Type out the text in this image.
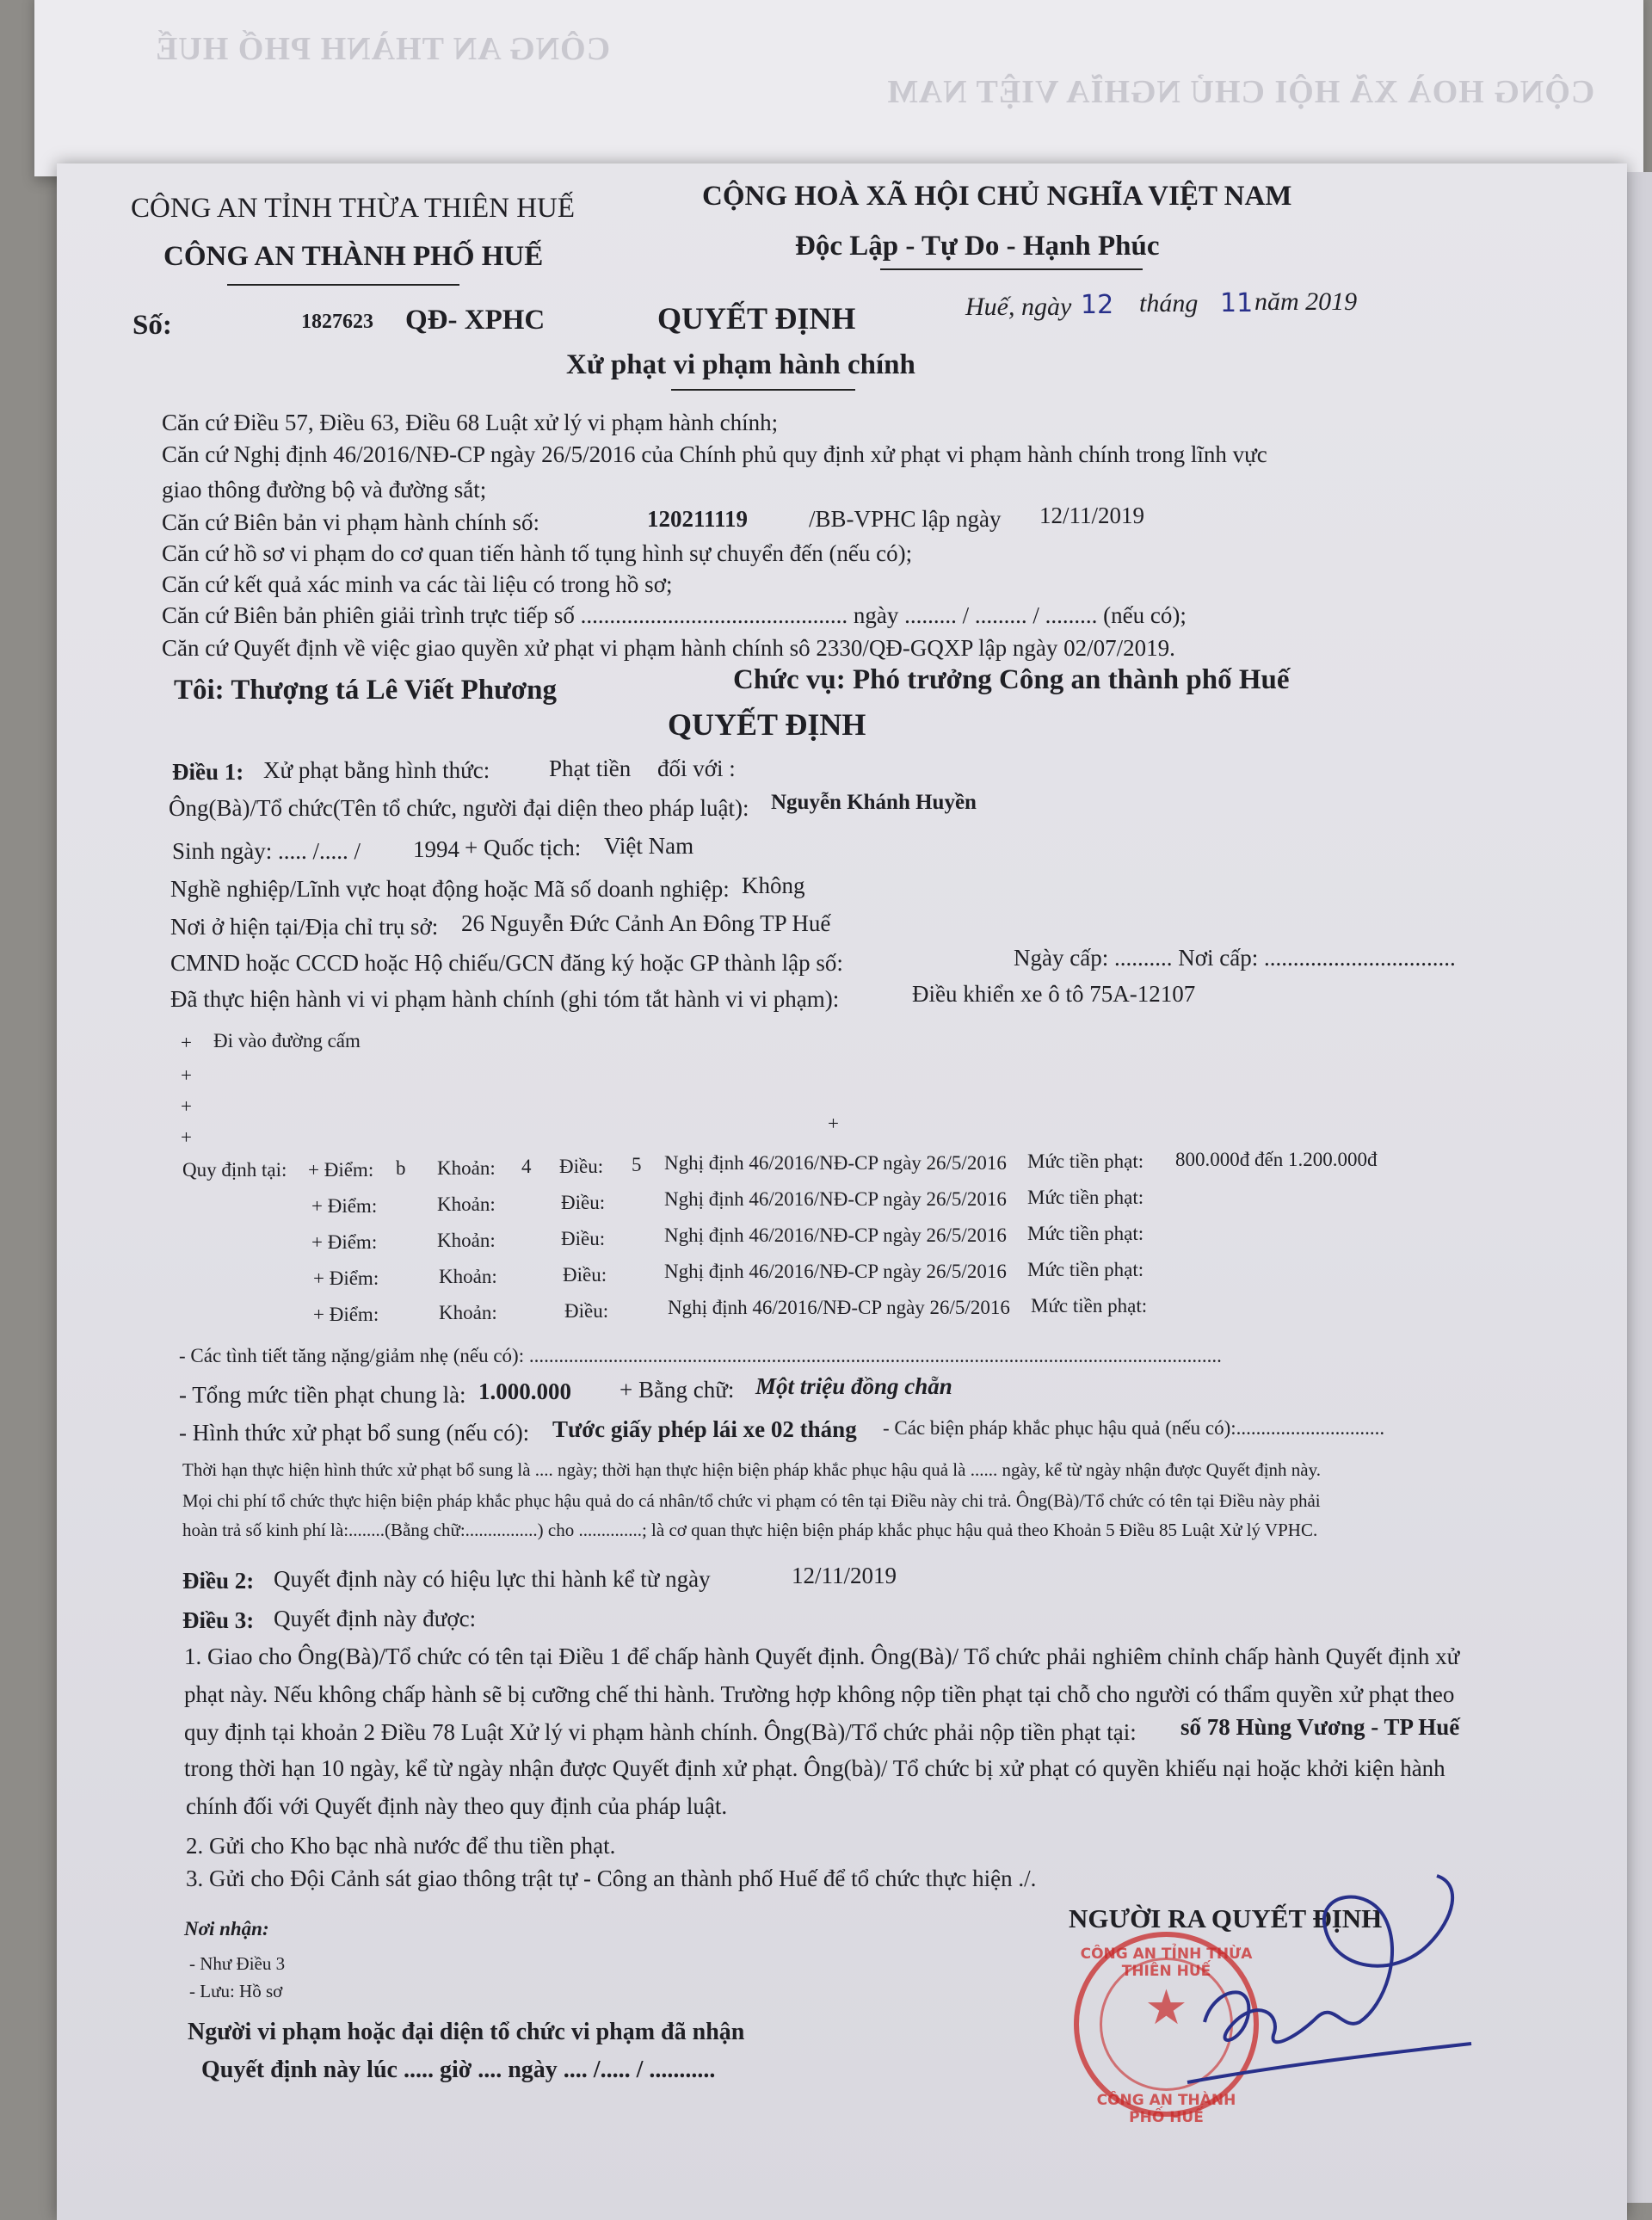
CÔNG AN THÀNH PHỐ HUẾ
CỘNG HOÀ XÃ HỘI CHỦ NGHĨA VIỆT NAM
CÔNG AN TỈNH THỪA THIÊN HUẾ
CÔNG AN THÀNH PHỐ HUẾ
CỘNG HOÀ XÃ HỘI CHỦ NGHĨA VIỆT NAM
Độc Lập - Tự Do - Hạnh Phúc
Số:	1827623 QĐ- XPHC	QUYẾT ĐỊNH	Huế, ngày 12 tháng 11 năm 2019
Xử phạt vi phạm hành chính
Căn cứ Điều 57, Điều 63, Điều 68 Luật xử lý vi phạm hành chính;
Căn cứ Nghị định 46/2016/NĐ-CP ngày 26/5/2016 của Chính phủ quy định xử phạt vi phạm hành chính trong lĩnh vực
giao thông đường bộ và đường sắt;
Căn cứ Biên bản vi phạm hành chính số:	120211119	/BB-VPHC lập ngày 12/11/2019
Căn cứ hồ sơ vi phạm do cơ quan tiến hành tố tụng hình sự chuyển đến (nếu có);
Căn cứ kết quả xác minh va các tài liệu có trong hồ sơ;
Căn cứ Biên bản phiên giải trình trực tiếp số .............................................. ngày ......... / ......... / ......... (nếu có);
Căn cứ Quyết định về việc giao quyền xử phạt vi phạm hành chính sô 2330/QĐ-GQXP lập ngày 02/07/2019.
Tôi: Thượng tá Lê Viết Phương	Chức vụ: Phó trưởng Công an thành phố Huế
QUYẾT ĐỊNH
Điều 1: Xử phạt bằng hình thức:	Phạt tiền đối với :
Ông(Bà)/Tổ chức(Tên tổ chức, người đại diện theo pháp luật): Nguyễn Khánh Huyền
Sinh ngày: ..... /..... / 1994 + Quốc tịch: Việt Nam
Nghề nghiệp/Lĩnh vực hoạt động hoặc Mã số doanh nghiệp: Không
Nơi ở hiện tại/Địa chỉ trụ sở: 26 Nguyễn Đức Cảnh An Đông TP Huế
CMND hoặc CCCD hoặc Hộ chiếu/GCN đăng ký hoặc GP thành lập số:	Ngày cấp: .......... Nơi cấp: .................................
Đã thực hiện hành vi vi phạm hành chính (ghi tóm tắt hành vi vi phạm):	Điều khiển xe ô tô 75A-12107
+ Đi vào đường cấm
+
+
+
+
Quy định tại: + Điểm: b Khoản: 4 Điều: 5 Nghị định 46/2016/NĐ-CP ngày 26/5/2016 Mức tiền phạt: 800.000đ đến 1.200.000đ
+ Điểm:	Khoản:	Điều:	Nghị định 46/2016/NĐ-CP ngày 26/5/2016 Mức tiền phạt:
+ Điểm:	Khoản:	Điều:	Nghị định 46/2016/NĐ-CP ngày 26/5/2016 Mức tiền phạt:
+ Điểm:	Khoản:	Điều:	Nghị định 46/2016/NĐ-CP ngày 26/5/2016 Mức tiền phạt:
+ Điểm:	Khoản:	Điều:	Nghị định 46/2016/NĐ-CP ngày 26/5/2016 Mức tiền phạt:
- Các tình tiết tăng nặng/giảm nhẹ (nếu có): ............................................................................................................................................
- Tổng mức tiền phạt chung là: 1.000.000 + Bằng chữ: Một triệu đồng chẵn
- Hình thức xử phạt bổ sung (nếu có): Tước giấy phép lái xe 02 tháng - Các biện pháp khắc phục hậu quả (nếu có):..............................
Thời hạn thực hiện hình thức xử phạt bổ sung là .... ngày; thời hạn thực hiện biện pháp khắc phục hậu quả là ...... ngày, kể từ ngày nhận được Quyết định này.
Mọi chi phí tổ chức thực hiện biện pháp khắc phục hậu quả do cá nhân/tổ chức vi phạm có tên tại Điều này chi trả. Ông(Bà)/Tổ chức có tên tại Điều này phải
hoàn trả số kinh phí là:........(Bằng chữ:................) cho ..............; là cơ quan thực hiện biện pháp khắc phục hậu quả theo Khoản 5 Điều 85 Luật Xử lý VPHC.
Điều 2: Quyết định này có hiệu lực thi hành kể từ ngày	12/11/2019
Điều 3: Quyết định này được:
1. Giao cho Ông(Bà)/Tổ chức có tên tại Điều 1 để chấp hành Quyết định. Ông(Bà)/ Tổ chức phải nghiêm chỉnh chấp hành Quyết định xử
phạt này. Nếu không chấp hành sẽ bị cưỡng chế thi hành. Trường hợp không nộp tiền phạt tại chỗ cho người có thẩm quyền xử phạt theo
quy định tại khoản 2 Điều 78 Luật Xử lý vi phạm hành chính. Ông(Bà)/Tổ chức phải nộp tiền phạt tại: số 78 Hùng Vương - TP Huế
trong thời hạn 10 ngày, kể từ ngày nhận được Quyết định xử phạt. Ông(bà)/ Tổ chức bị xử phạt có quyền khiếu nại hoặc khởi kiện hành
chính đối với Quyết định này theo quy định của pháp luật.
2. Gửi cho Kho bạc nhà nước để thu tiền phạt.
3. Gửi cho Đội Cảnh sát giao thông trật tự - Công an thành phố Huế để tổ chức thực hiện ./.
Nơi nhận:
- Như Điều 3
- Lưu: Hồ sơ
NGƯỜI RA QUYẾT ĐỊNH
Người vi phạm hoặc đại diện tổ chức vi phạm đã nhận
Quyết định này lúc ..... giờ .... ngày .... /..... / ...........
CÔNG AN TỈNH THỪA THIÊN HUẾ
★
CÔNG AN THÀNH PHỐ HUẾ
